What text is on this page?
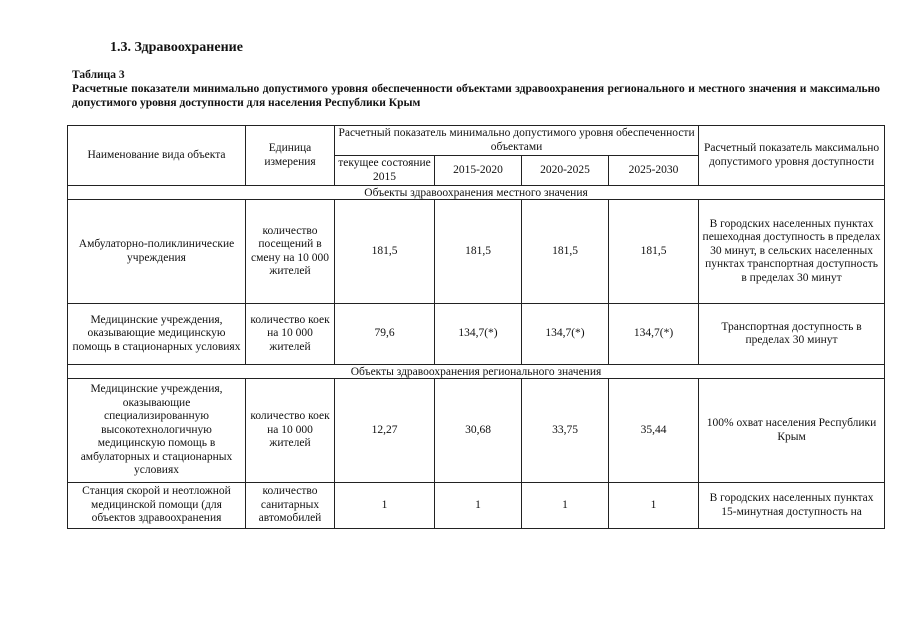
1.3. Здравоохранение
Таблица 3
Расчетные показатели минимально допустимого уровня обеспеченности объектами здравоохранения регионального и местного значения и максимально допустимого уровня доступности для населения Республики Крым
Наименование вида объекта	Единица измерения	Расчетный показатель минимально допустимого уровня обеспеченности объектами				Расчетный показатель максимально допустимого уровня доступности
		текущее состояние 2015	2015-2020	2020-2025	2025-2030	
Объекты здравоохранения местного значения						
Амбулаторно-поликлинические учреждения	количество посещений в смену на 10 000 жителей	181,5	181,5	181,5	181,5	В городских населенных пунктах пешеходная доступность в пределах 30 минут, в сельских населенных пунктах транспортная доступность в пределах 30 минут
Медицинские учреждения, оказывающие медицинскую помощь в стационарных условиях	количество коек на 10 000 жителей	79,6	134,7(*)	134,7(*)	134,7(*)	Транспортная доступность в пределах 30 минут
Объекты здравоохранения регионального значения						
Медицинские учреждения, оказывающие специализированную высокотехнологичную медицинскую помощь в амбулаторных и стационарных условиях	количество коек на 10 000 жителей	12,27	30,68	33,75	35,44	100% охват населения Республики Крым
Станция скорой и неотложной медицинской помощи (для объектов здравоохранения	количество санитарных автомобилей	1	1	1	1	В городских населенных пунктах
15-минутная доступность на
